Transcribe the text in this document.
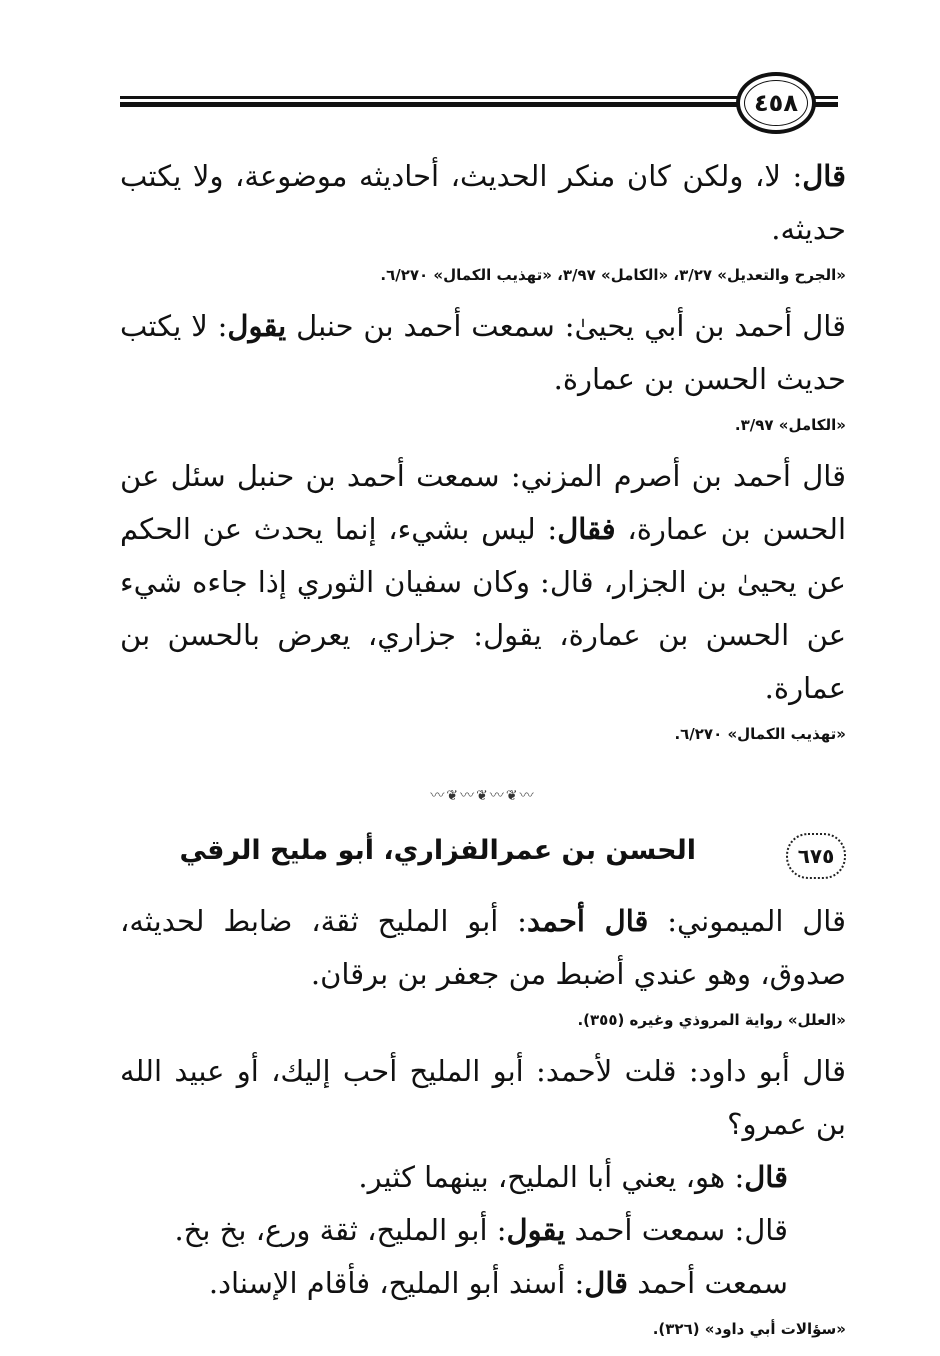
٤٥٨

قال: لا، ولكن كان منكر الحديث، أحاديثه موضوعة، ولا يكتب حديثه.

«الجرح والتعديل» ٣/٢٧، «الكامل» ٣/٩٧، «تهذيب الكمال» ٦/٢٧٠.

قال أحمد بن أبي يحيىٰ: سمعت أحمد بن حنبل يقول: لا يكتب حديث الحسن بن عمارة.

«الكامل» ٣/٩٧.

قال أحمد بن أصرم المزني: سمعت أحمد بن حنبل سئل عن الحسن بن عمارة، فقال: ليس بشيء، إنما يحدث عن الحكم عن يحيىٰ بن الجزار، قال: وكان سفيان الثوري إذا جاءه شيء عن الحسن بن عمارة، يقول: جزاري، يعرض بالحسن بن عمارة.

«تهذيب الكمال» ٦/٢٧٠.
〰❦〰❦〰❦〰
٦٧٥
الحسن بن عمرالفزاري، أبو مليح الرقي

قال الميموني: قال أحمد: أبو المليح ثقة، ضابط لحديثه، صدوق، وهو عندي أضبط من جعفر بن برقان.

«العلل» رواية المروذي وغيره (٣٥٥).

قال أبو داود: قلت لأحمد: أبو المليح أحب إليك، أو عبيد الله بن عمرو؟

قال: هو، يعني أبا المليح، بينهما كثير.

قال: سمعت أحمد يقول: أبو المليح، ثقة ورع، بخ بخ.

سمعت أحمد قال: أسند أبو المليح، فأقام الإسناد.

«سؤالات أبي داود» (٣٢٦).
